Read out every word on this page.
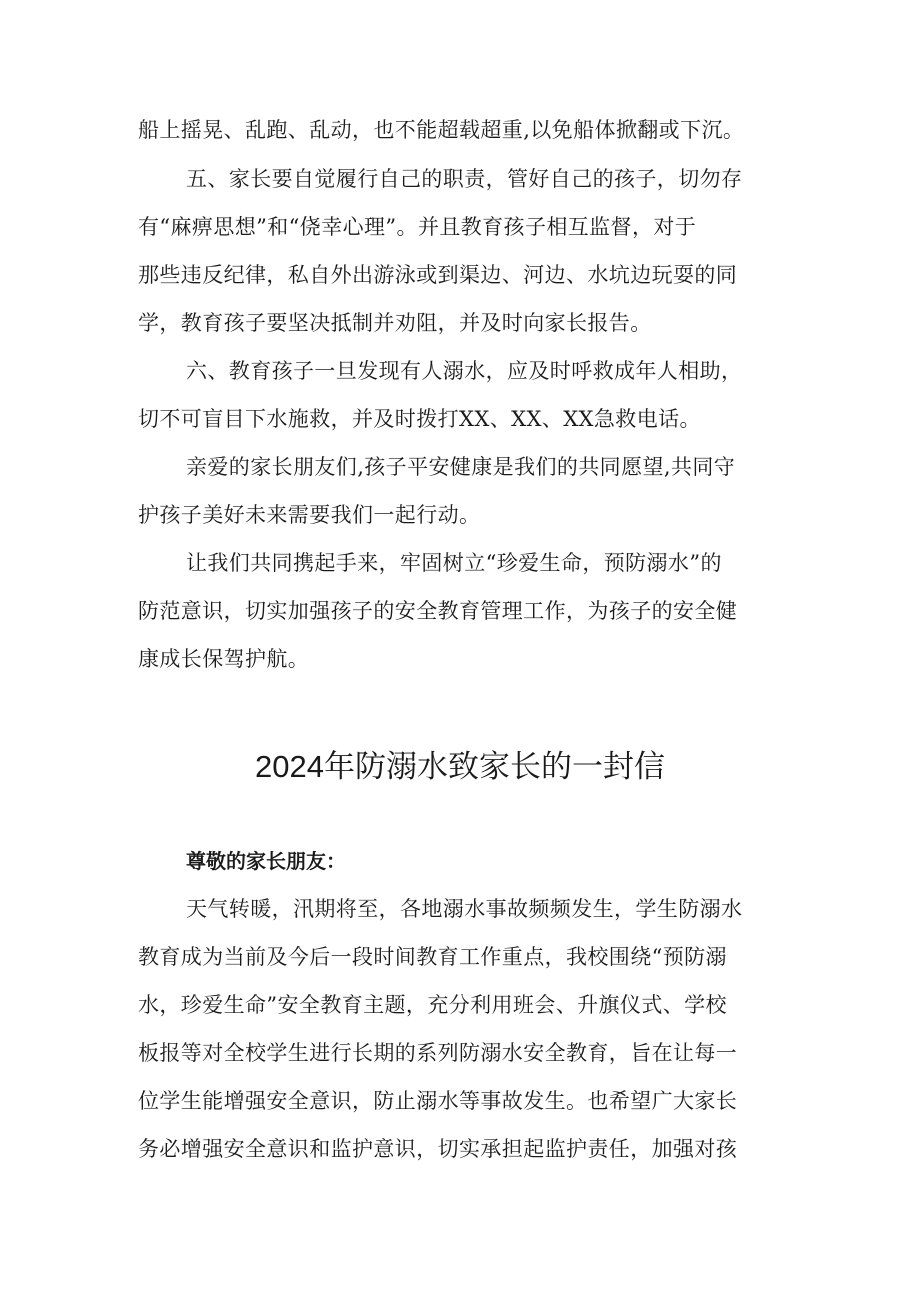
船上摇晃、乱跑、乱动，也不能超载超重,以免船体掀翻或下沉。
五、家长要自觉履行自己的职责，管好自己的孩子，切勿存
有“麻痹思想”和“侥幸心理”。并且教育孩子相互监督，对于
那些违反纪律，私自外出游泳或到渠边、河边、水坑边玩耍的同
学，教育孩子要坚决抵制并劝阻，并及时向家长报告。
六、教育孩子一旦发现有人溺水，应及时呼救成年人相助，
切不可盲目下水施救，并及时拨打XX、XX、XX急救电话。
亲爱的家长朋友们,孩子平安健康是我们的共同愿望,共同守
护孩子美好未来需要我们一起行动。
让我们共同携起手来，牢固树立“珍爱生命，预防溺水”的
防范意识，切实加强孩子的安全教育管理工作，为孩子的安全健
康成长保驾护航。
2024年防溺水致家长的一封信
尊敬的家长朋友：
天气转暖，汛期将至，各地溺水事故频频发生，学生防溺水
教育成为当前及今后一段时间教育工作重点，我校围绕“预防溺
水，珍爱生命”安全教育主题，充分利用班会、升旗仪式、学校
板报等对全校学生进行长期的系列防溺水安全教育，旨在让每一
位学生能增强安全意识，防止溺水等事故发生。也希望广大家长
务必增强安全意识和监护意识，切实承担起监护责任，加强对孩
